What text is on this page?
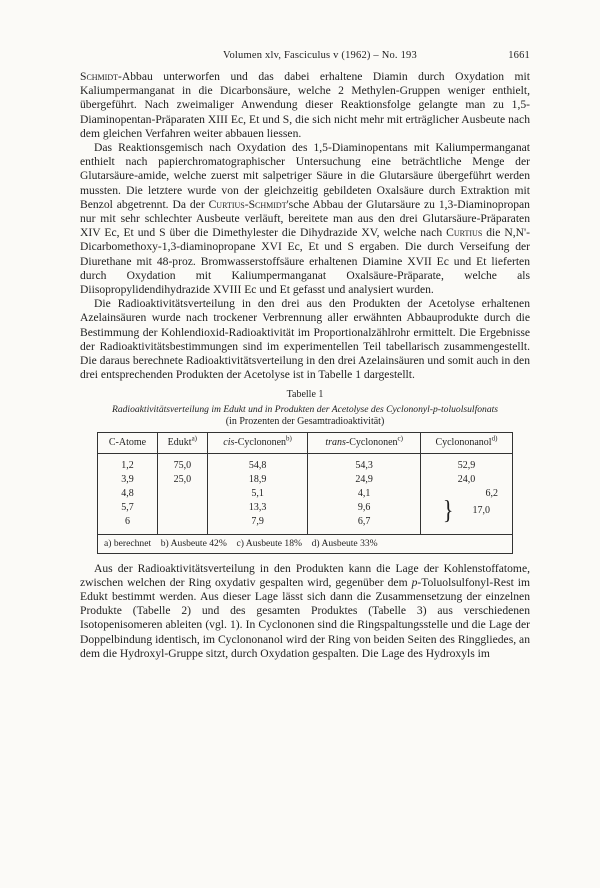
Volumen xlv, Fasciculus v (1962) – No. 193	1661

Schmidt-Abbau unterworfen und das dabei erhaltene Diamin durch Oxydation mit Kaliumpermanganat in die Dicarbonsäure, welche 2 Methylen-Gruppen weniger enthielt, übergeführt. Nach zweimaliger Anwendung dieser Reaktionsfolge gelangte man zu 1,5-Diaminopentan-Präparaten XIII Ec, Et und S, die sich nicht mehr mit erträglicher Ausbeute nach dem gleichen Verfahren weiter abbauen liessen.

Das Reaktionsgemisch nach Oxydation des 1,5-Diaminopentans mit Kaliumpermanganat enthielt nach papierchromatographischer Untersuchung eine beträchtliche Menge der Glutarsäure-amide, welche zuerst mit salpetriger Säure in die Glutarsäure übergeführt werden mussten. Die letztere wurde von der gleichzeitig gebildeten Oxalsäure durch Extraktion mit Benzol abgetrennt. Da der Curtius-Schmidt'sche Abbau der Glutarsäure zu 1,3-Diaminopropan nur mit sehr schlechter Ausbeute verläuft, bereitete man aus den drei Glutarsäure-Präparaten XIV Ec, Et und S über die Dimethylester die Dihydrazide XV, welche nach Curtius die N,N'-Dicarbomethoxy-1,3-diaminopropane XVI Ec, Et und S ergaben. Die durch Verseifung der Diurethane mit 48-proz. Bromwasserstoffsäure erhaltenen Diamine XVII Ec und Et lieferten durch Oxydation mit Kaliumpermanganat Oxalsäure-Präparate, welche als Diisopropylidendihydrazide XVIII Ec und Et gefasst und analysiert wurden.

Die Radioaktivitätsverteilung in den drei aus den Produkten der Acetolyse erhaltenen Azelainsäuren wurde nach trockener Verbrennung aller erwähnten Abbauprodukte durch die Bestimmung der Kohlendioxid-Radioaktivität im Proportionalzählrohr ermittelt. Die Ergebnisse der Radioaktivitätsbestimmungen sind im experimentellen Teil tabellarisch zusammengestellt. Die daraus berechnete Radioaktivitätsverteilung in den drei Azelainsäuren und somit auch in den drei entsprechenden Produkten der Acetolyse ist in Tabelle 1 dargestellt.

Tabelle 1
Radioaktivitätsverteilung im Edukt und in Produkten der Acetolyse des Cyclononyl-p-toluolsulfonats
(in Prozenten der Gesamtradioaktivität)
C-Atome	Edukt$^{a)}$	cis-Cyclononen$^{b)}$	trans-Cyclononen$^{c)}$	Cyclononanol$^{d)}$
1,2	75,0	54,8	54,3	52,9
3,9	25,0	18,9	24,9	24,0
4,8		5,1	4,1	6,2
5,7		13,3	9,6	} 17,0

6		7,9	6,7	
a) berechnet b) Ausbeute 42% c) Ausbeute 18% d) Ausbeute 33%				

Aus der Radioaktivitätsverteilung in den Produkten kann die Lage der Kohlenstoffatome, zwischen welchen der Ring oxydativ gespalten wird, gegenüber dem p-Toluolsulfonyl-Rest im Edukt bestimmt werden. Aus dieser Lage lässt sich dann die Zusammensetzung der einzelnen Produkte (Tabelle 2) und des gesamten Produktes (Tabelle 3) aus verschiedenen Isotopenisomeren ableiten (vgl. 1). In Cyclononen sind die Ringspaltungsstelle und die Lage der Doppelbindung identisch, im Cyclononanol wird der Ring von beiden Seiten des Ringgliedes, an dem die Hydroxyl-Gruppe sitzt, durch Oxydation gespalten. Die Lage des Hydroxyls im
